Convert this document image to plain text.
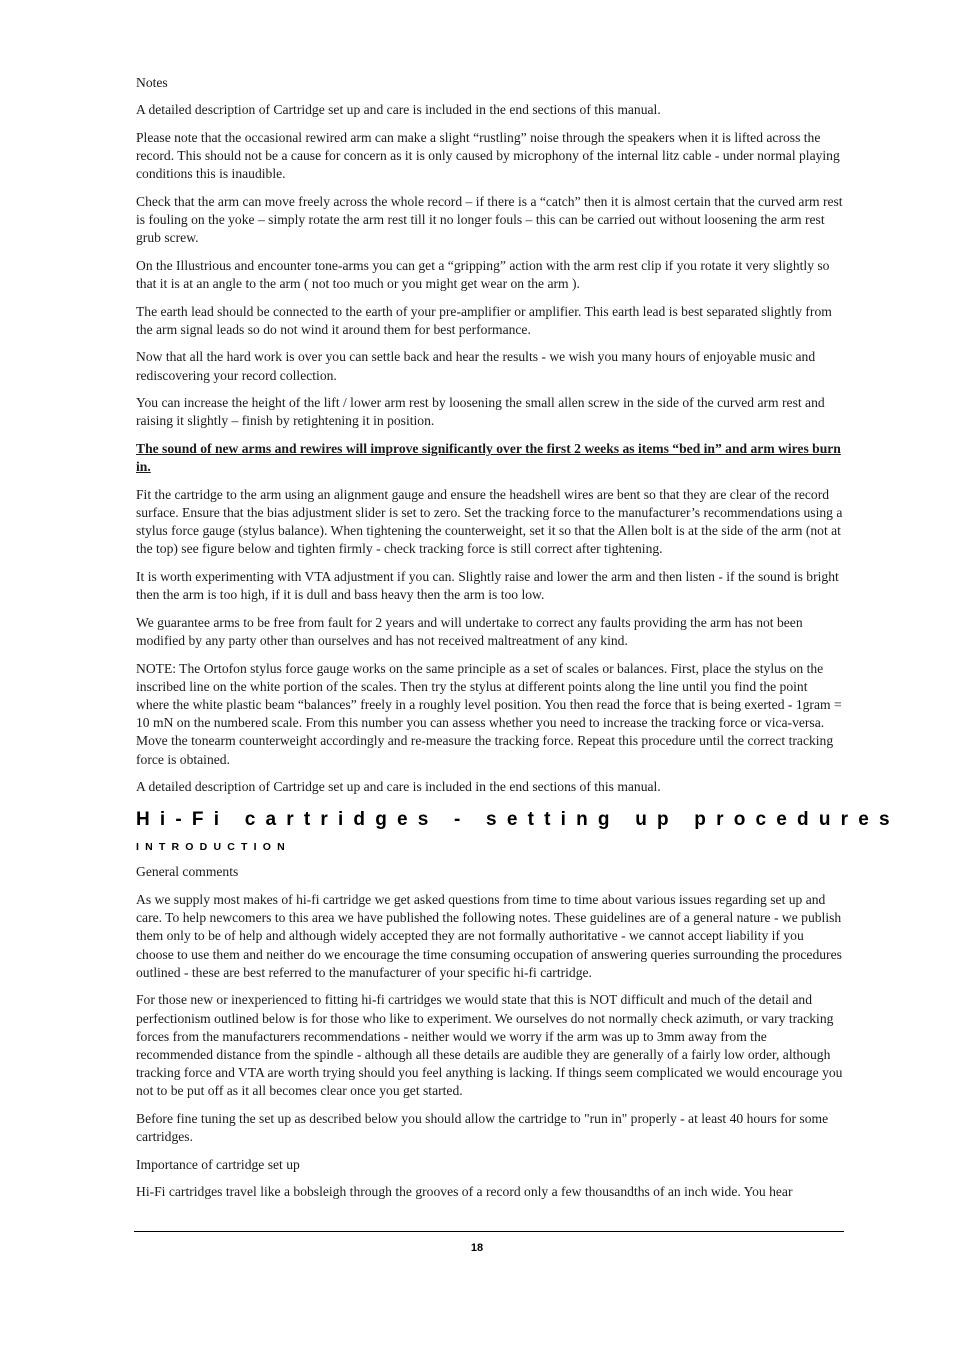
Notes

A detailed description of Cartridge set up and care is included in the end sections of this manual.

Please note that the occasional rewired arm can make a slight “rustling” noise through the speakers when it is lifted across the record. This should not be a cause for concern as it is only caused by microphony of the internal litz cable - under normal playing conditions this is inaudible.

Check that the arm can move freely across the whole record – if there is a “catch” then it is almost certain that the curved arm rest is fouling on the yoke – simply rotate the arm rest till it no longer fouls – this can be carried out without loosening the arm rest grub screw.

On the Illustrious and encounter tone-arms you can get a “gripping” action with the arm rest clip if you rotate it very slightly so that it is at an angle to the arm ( not too much or you might get wear on the arm ).

The earth lead should be connected to the earth of your pre-amplifier or amplifier. This earth lead is best separated slightly from the arm signal leads so do not wind it around them for best performance.

Now that all the hard work is over you can settle back and hear the results - we wish you many hours of enjoyable music and rediscovering your record collection.

You can increase the height of the lift / lower arm rest by loosening the small allen screw in the side of the curved arm rest and raising it slightly – finish by retightening it in position.

The sound of new arms and rewires will improve significantly over the first 2 weeks as items “bed in” and arm wires burn in.

Fit the cartridge to the arm using an alignment gauge and ensure the headshell wires are bent so that they are clear of the record surface. Ensure that the bias adjustment slider is set to zero. Set the tracking force to the manufacturer’s recommendations using a stylus force gauge (stylus balance). When tightening the counterweight, set it so that the Allen bolt is at the side of the arm (not at the top) see figure below and tighten firmly - check tracking force is still correct after tightening.

It is worth experimenting with VTA adjustment if you can. Slightly raise and lower the arm and then listen - if the sound is bright then the arm is too high, if it is dull and bass heavy then the arm is too low.

We guarantee arms to be free from fault for 2 years and will undertake to correct any faults providing the arm has not been modified by any party other than ourselves and has not received maltreatment of any kind.

NOTE: The Ortofon stylus force gauge works on the same principle as a set of scales or balances. First, place the stylus on the inscribed line on the white portion of the scales. Then try the stylus at different points along the line until you find the point where the white plastic beam “balances” freely in a roughly level position. You then read the force that is being exerted - 1gram = 10 mN on the numbered scale. From this number you can assess whether you need to increase the tracking force or vica-versa. Move the tonearm counterweight accordingly and re-measure the tracking force. Repeat this procedure until the correct tracking force is obtained.

A detailed description of Cartridge set up and care is included in the end sections of this manual.

Hi-Fi cartridges - setting up procedures
INTRODUCTION

General comments

As we supply most makes of hi-fi cartridge we get asked questions from time to time about various issues regarding set up and care. To help newcomers to this area we have published the following notes. These guidelines are of a general nature - we publish them only to be of help and although widely accepted they are not formally authoritative - we cannot accept liability if you choose to use them and neither do we encourage the time consuming occupation of answering queries surrounding the procedures outlined - these are best referred to the manufacturer of your specific hi-fi cartridge.

For those new or inexperienced to fitting hi-fi cartridges we would state that this is NOT difficult and much of the detail and perfectionism outlined below is for those who like to experiment. We ourselves do not normally check azimuth, or vary tracking forces from the manufacturers recommendations - neither would we worry if the arm was up to 3mm away from the recommended distance from the spindle - although all these details are audible they are generally of a fairly low order, although tracking force and VTA are worth trying should you feel anything is lacking. If things seem complicated we would encourage you not to be put off as it all becomes clear once you get started.

Before fine tuning the set up as described below you should allow the cartridge to "run in" properly - at least 40 hours for some cartridges.

Importance of cartridge set up

Hi-Fi cartridges travel like a bobsleigh through the grooves of a record only a few thousandths of an inch wide. You hear

18
